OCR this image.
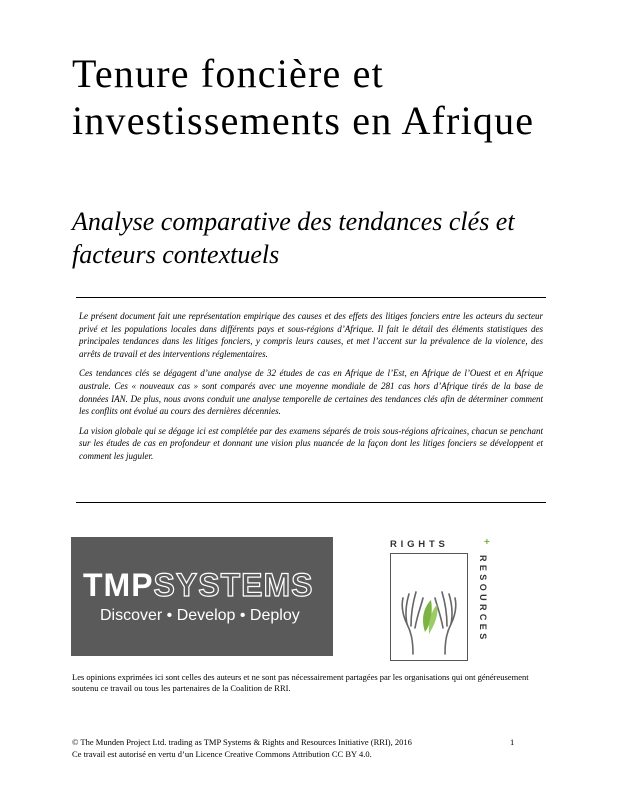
Tenure foncière et investissements en Afrique
Analyse comparative des tendances clés et facteurs contextuels

Le présent document fait une représentation empirique des causes et des effets des litiges fonciers entre les acteurs du secteur privé et les populations locales dans différents pays et sous-régions d’Afrique. Il fait le détail des éléments statistiques des principales tendances dans les litiges fonciers, y compris leurs causes, et met l’accent sur la prévalence de la violence, des arrêts de travail et des interventions réglementaires.

Ces tendances clés se dégagent d’une analyse de 32 études de cas en Afrique de l’Est, en Afrique de l’Ouest et en Afrique australe. Ces « nouveaux cas » sont comparés avec une moyenne mondiale de 281 cas hors d’Afrique tirés de la base de données IAN. De plus, nous avons conduit une analyse temporelle de certaines des tendances clés afin de déterminer comment les conflits ont évolué au cours des dernières décennies.

La vision globale qui se dégage ici est complétée par des examens séparés de trois sous-régions africaines, chacun se penchant sur les études de cas en profondeur et donnant une vision plus nuancée de la façon dont les litiges fonciers se développent et comment les juguler.

TMPSYSTEMS
Discover • Develop • Deploy
RIGHTS	+
RESOURCES

Les opinions exprimées ici sont celles des auteurs et ne sont pas nécessairement partagées par les organisations qui ont généreusement soutenu ce travail ou tous les partenaires de la Coalition de RRI.

© The Munden Project Ltd. trading as TMP Systems & Rights and Resources Initiative (RRI), 2016	1

Ce travail est autorisé en vertu d’un Licence Creative Commons Attribution CC BY 4.0.
